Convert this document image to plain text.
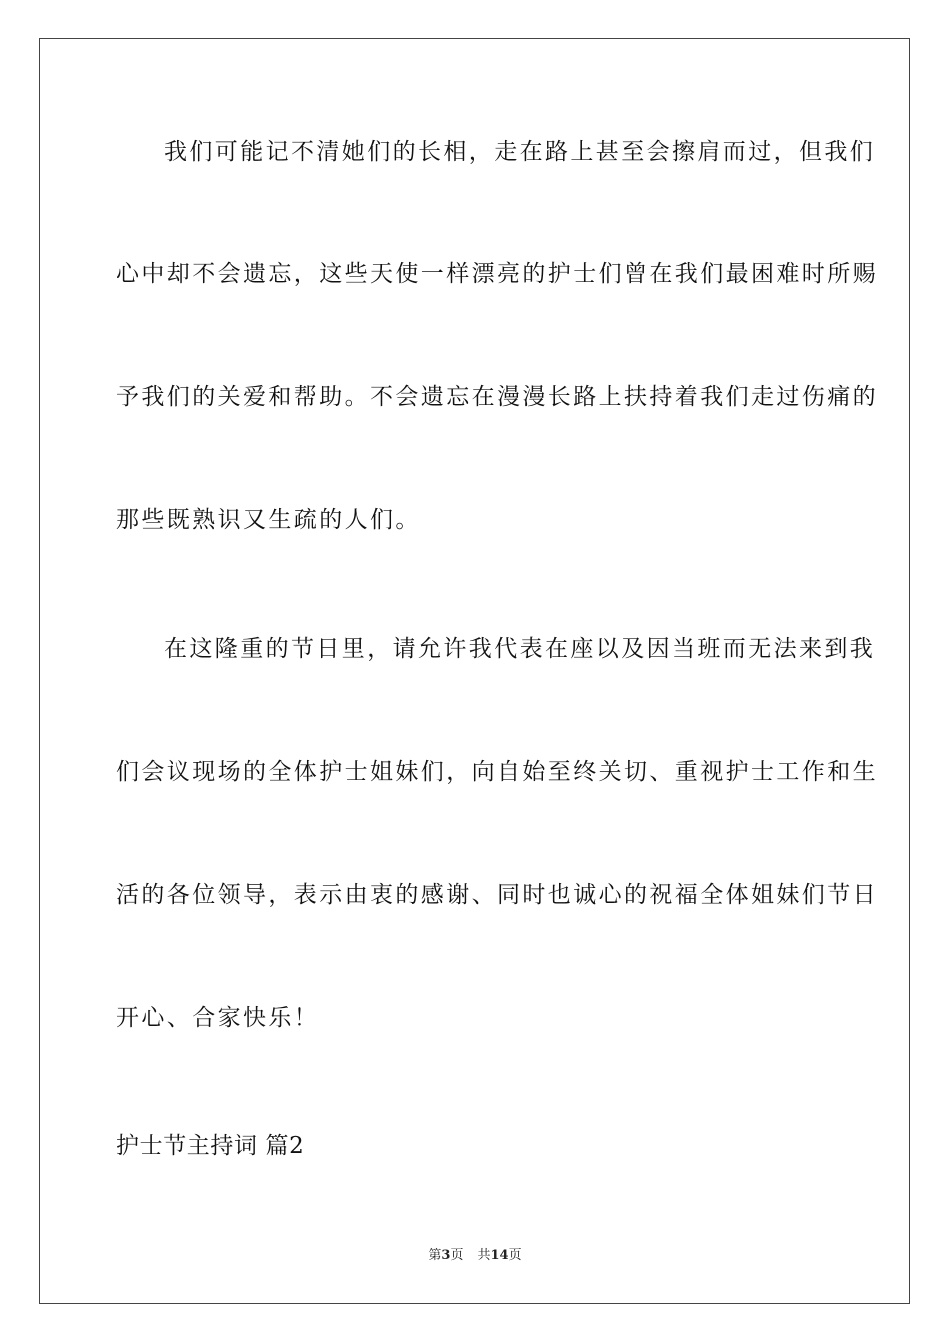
我们可能记不清她们的长相，走在路上甚至会擦肩而过，但我们
心中却不会遗忘，这些天使一样漂亮的护士们曾在我们最困难时所赐
予我们的关爱和帮助。不会遗忘在漫漫长路上扶持着我们走过伤痛的
那些既熟识又生疏的人们。
在这隆重的节日里，请允许我代表在座以及因当班而无法来到我
们会议现场的全体护士姐妹们，向自始至终关切、重视护士工作和生
活的各位领导，表示由衷的感谢、同时也诚心的祝福全体姐妹们节日
开心、合家快乐！
护士节主持词 篇2
第3页 共14页
